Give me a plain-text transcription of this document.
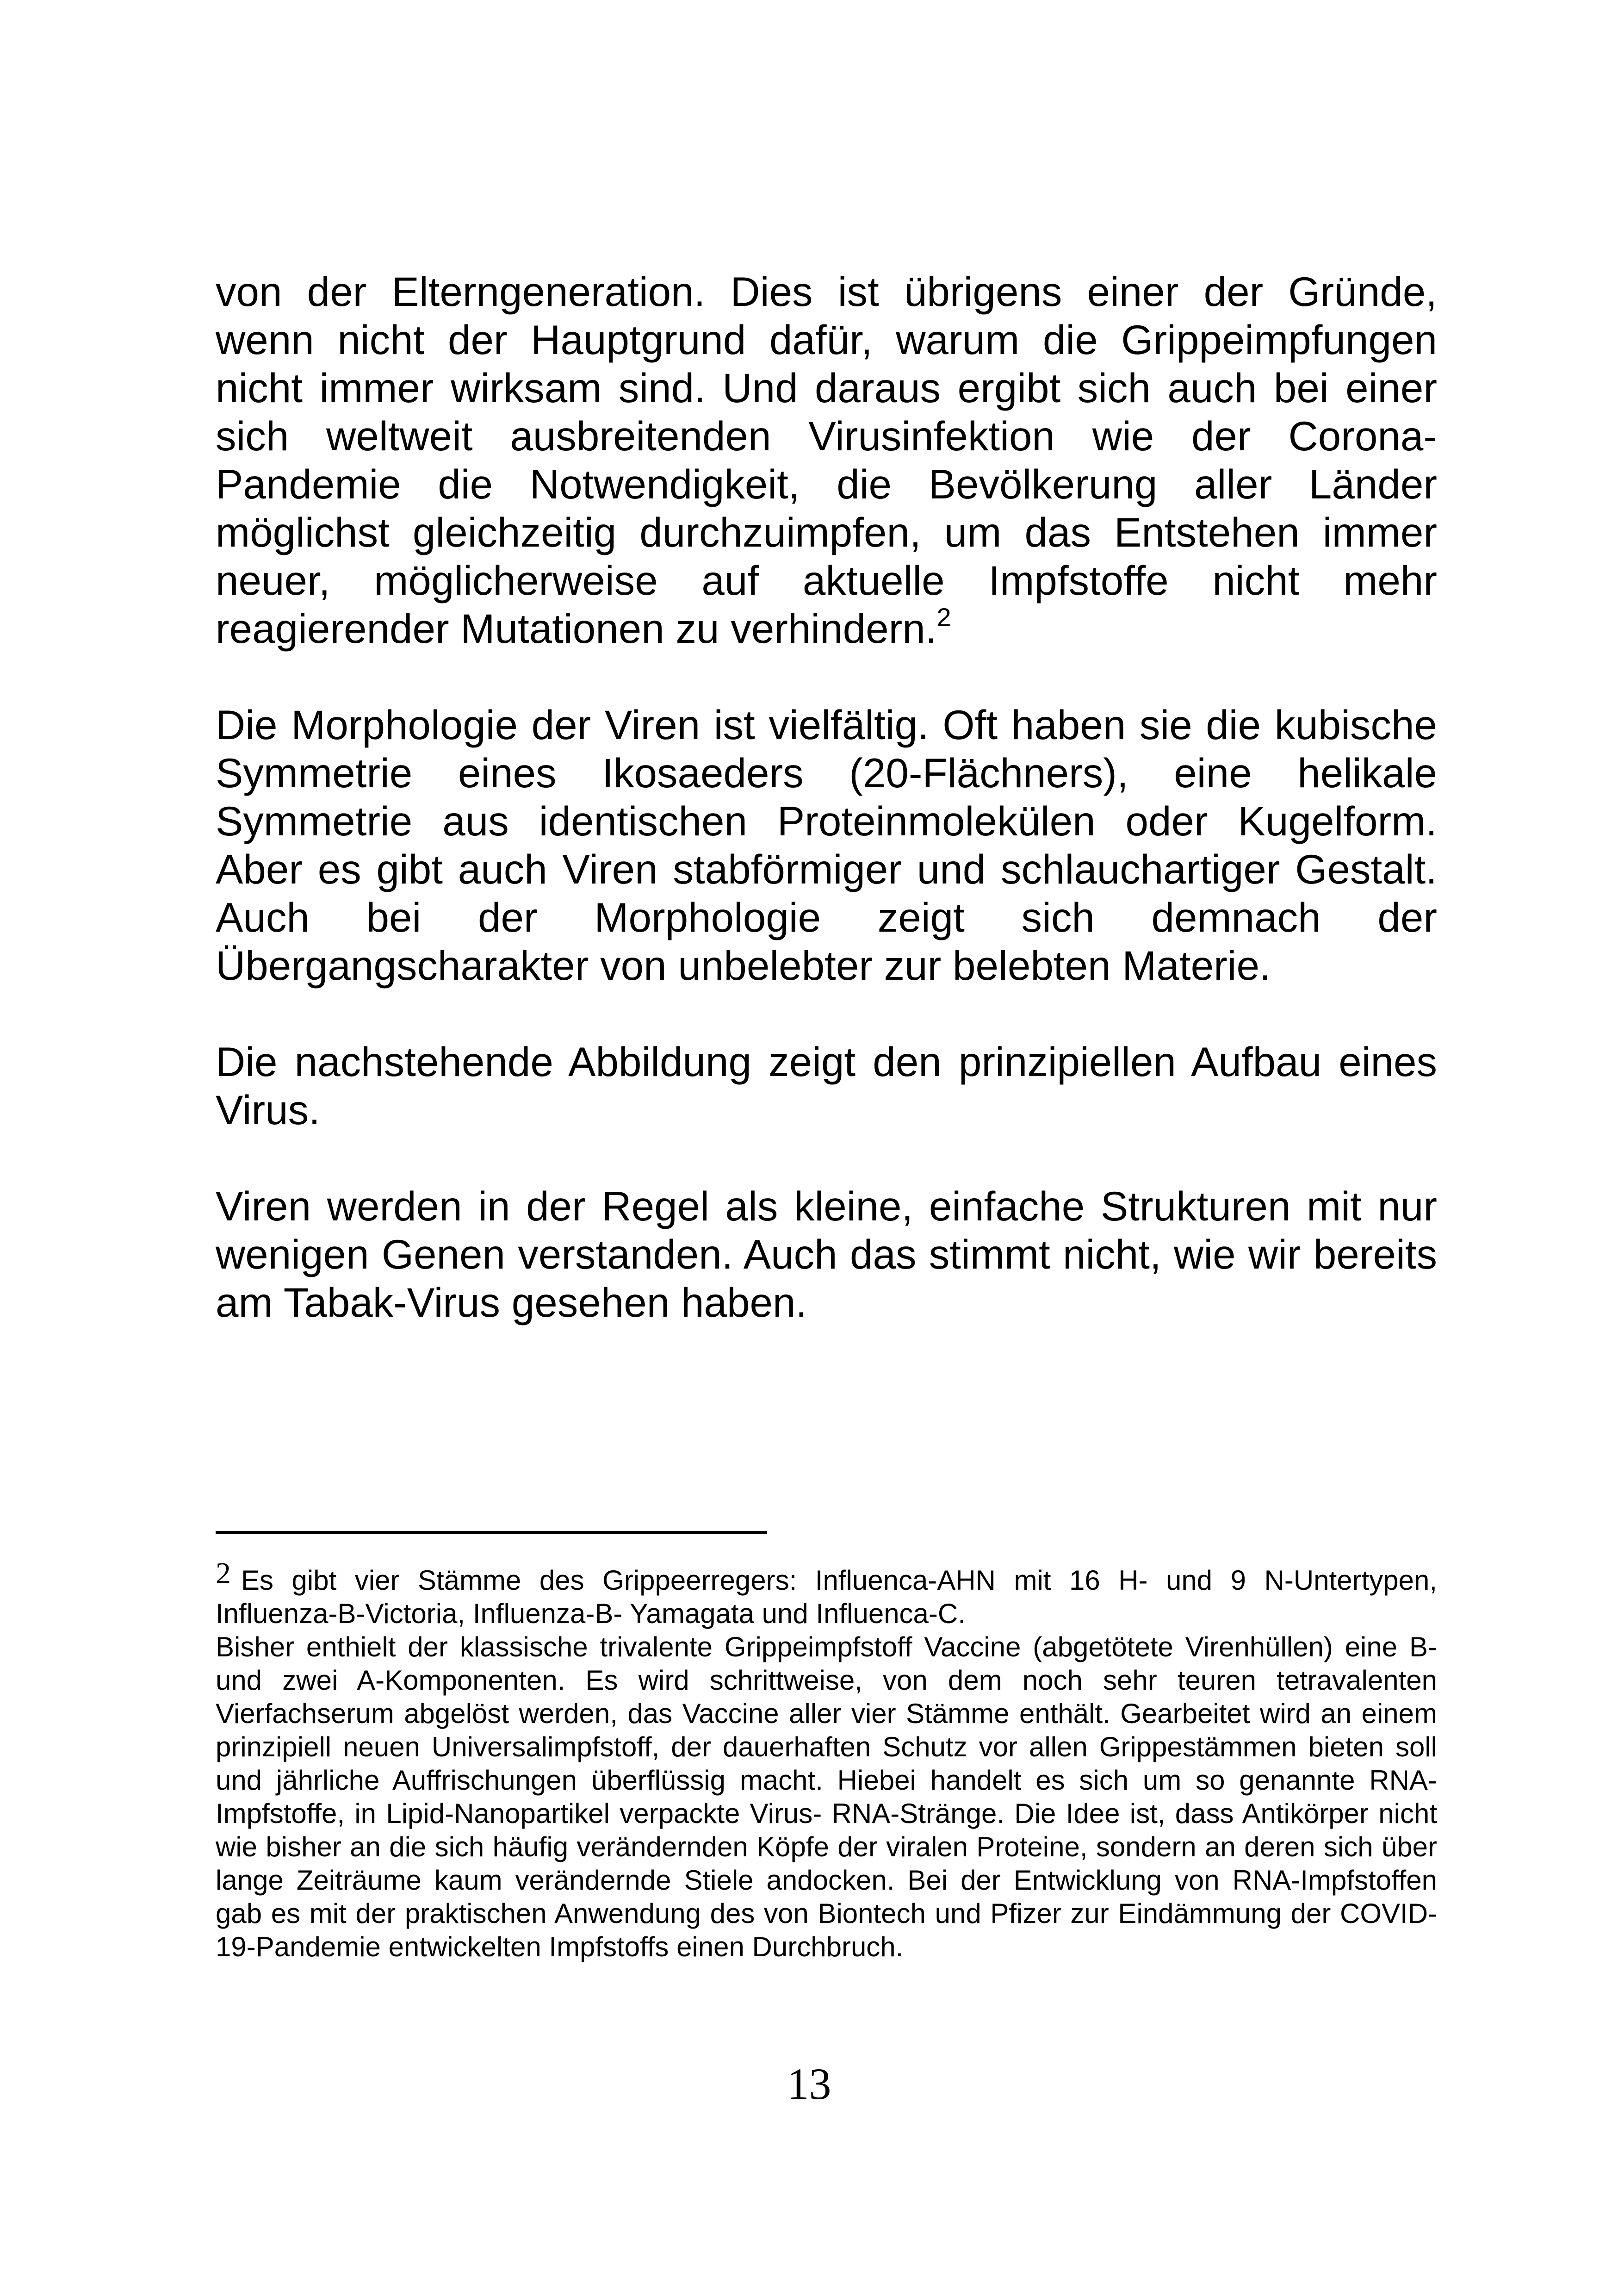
von der Elterngeneration. Dies ist übrigens einer der Gründe, wenn nicht der Hauptgrund dafür, warum die Grippeimpfungen nicht immer wirksam sind. Und daraus ergibt sich auch bei einer sich weltweit ausbreitenden Virusinfektion wie der Corona-Pandemie die Notwendigkeit, die Bevölkerung aller Länder möglichst gleichzeitig durchzuimpfen, um das Entstehen immer neuer, möglicherweise auf aktuelle Impfstoffe nicht mehr reagierender Mutationen zu verhindern.$^2$

Die Morphologie der Viren ist vielfältig. Oft haben sie die kubische Symmetrie eines Ikosaeders (20-Flächners), eine helikale Symmetrie aus identischen Proteinmolekülen oder Kugelform. Aber es gibt auch Viren stabförmiger und schlauchartiger Gestalt. Auch bei der Morphologie zeigt sich demnach der Übergangscharakter von unbelebter zur belebten Materie.

Die nachstehende Abbildung zeigt den prinzipiellen Aufbau eines Virus.

Viren werden in der Regel als kleine, einfache Strukturen mit nur wenigen Genen verstanden. Auch das stimmt nicht, wie wir bereits am Tabak-Virus gesehen haben.

2 Es gibt vier Stämme des Grippeerregers: Influenca-AHN mit 16 H- und 9 N-Untertypen, Influenza-B-Victoria, Influenza-B- Yamagata und Influenca-C.

Bisher enthielt der klassische trivalente Grippeimpfstoff Vaccine (abgetötete Virenhüllen) eine B- und zwei A-Komponenten. Es wird schrittweise, von dem noch sehr teuren tetravalenten Vierfachserum abgelöst werden, das Vaccine aller vier Stämme enthält. Gearbeitet wird an einem prinzipiell neuen Universalimpfstoff, der dauerhaften Schutz vor allen Grippestämmen bieten soll und jährliche Auffrischungen überflüssig macht. Hiebei handelt es sich um so genannte RNA-Impfstoffe, in Lipid-Nanopartikel verpackte Virus- RNA-Stränge. Die Idee ist, dass Antikörper nicht wie bisher an die sich häufig verändernden Köpfe der viralen Proteine, sondern an deren sich über lange Zeiträume kaum verändernde Stiele andocken. Bei der Entwicklung von RNA-Impfstoffen gab es mit der praktischen Anwendung des von Biontech und Pfizer zur Eindämmung der COVID-19-Pandemie entwickelten Impfstoffs einen Durchbruch.

13
